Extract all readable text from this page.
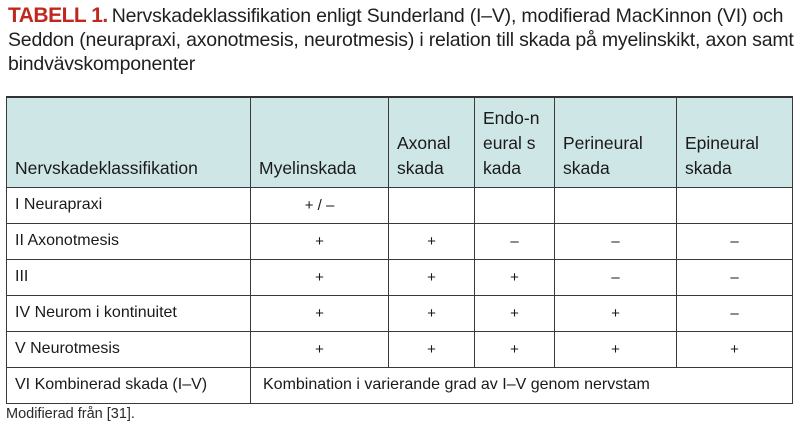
TABELL 1. Nervskadeklassifikation enligt Sunderland (I–V), modifierad MacKinnon (VI) och Seddon (neurapraxi, axonotmesis, neurotmesis) i relation till skada på myelinskikt, axon samt bindvävskomponenter
Nervskadeklassifikation	Myelinskada	Axonal skada	Endo-neural skada	Perineural skada	Epineural skada
I Neurapraxi	+ / –				
II Axonotmesis	+	+	–	–	–
III	+	+	+	–	–
IV Neurom i kontinuitet	+	+	+	+	–
V Neurotmesis	+	+	+	+	+
VI Kombinerad skada (I–V)	Kombination i varierande grad av I–V genom nervstam				
Modifierad från [31].
